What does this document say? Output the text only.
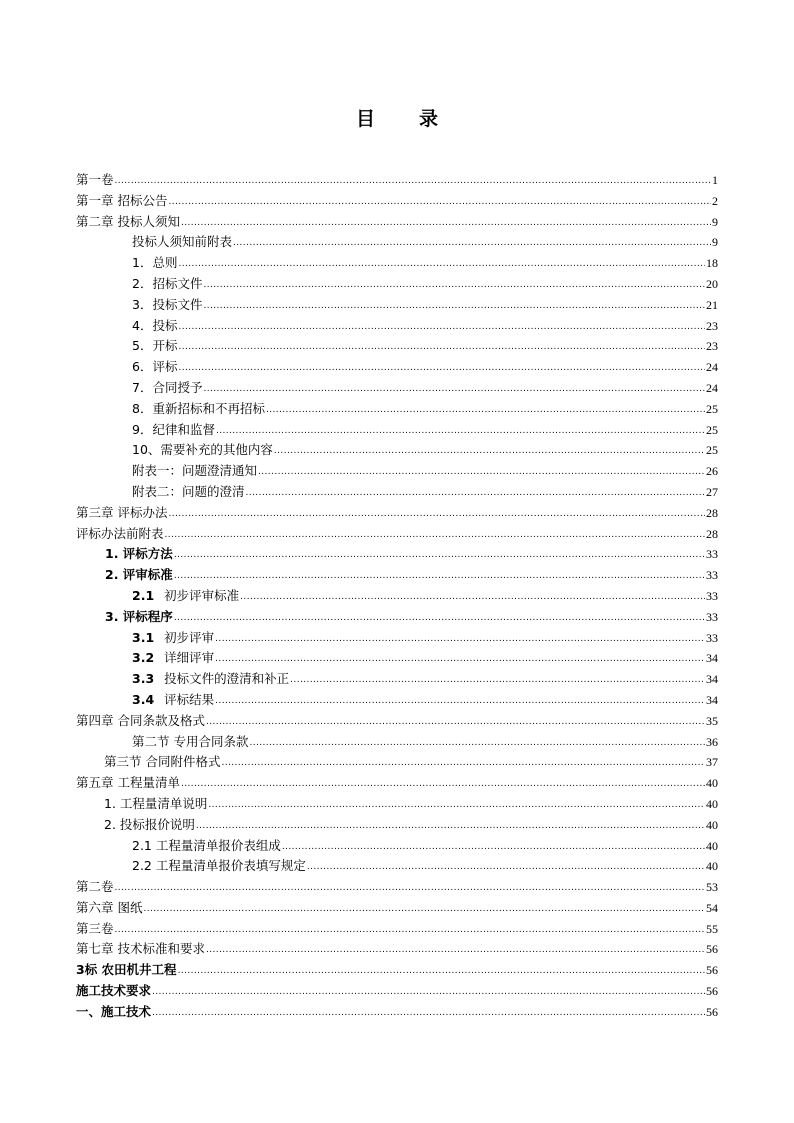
目 录
第一卷 .....	1
第一章 招标公告 .....	2
第二章 投标人须知 .....	9
投标人须知前附表 .....	9
1．总则 .....	18
2．招标文件 .....	20
3．投标文件 .....	21
4．投标 .....	23
5．开标 .....	23
6．评标 .....	24
7．合同授予 .....	24
8．重新招标和不再招标 .....	25
9．纪律和监督 .....	25
10、需要补充的其他内容 .....	25
附表一：问题澄清通知 .....	26
附表二：问题的澄清 .....	27
第三章 评标办法 .....	28
评标办法前附表 .....	28
1. 评标方法 .....	33
2. 评审标准 .....	33
2.1 初步评审标准 .....	33
3. 评标程序 .....	33
3.1 初步评审 .....	33
3.2 详细评审 .....	34
3.3 投标文件的澄清和补正 .....	34
3.4 评标结果 .....	34
第四章 合同条款及格式 .....	35
第二节 专用合同条款 .....	36
第三节 合同附件格式 .....	37
第五章 工程量清单 .....	40
1. 工程量清单说明 .....	40
2. 投标报价说明 .....	40
2.1 工程量清单报价表组成 .....	40
2.2 工程量清单报价表填写规定 .....	40
第二卷 .....	53
第六章 图纸 .....	54
第三卷 .....	55
第七章 技术标准和要求 .....	56
3标 农田机井工程 .....	56
施工技术要求 .....	56
一、施工技术 .....	56
